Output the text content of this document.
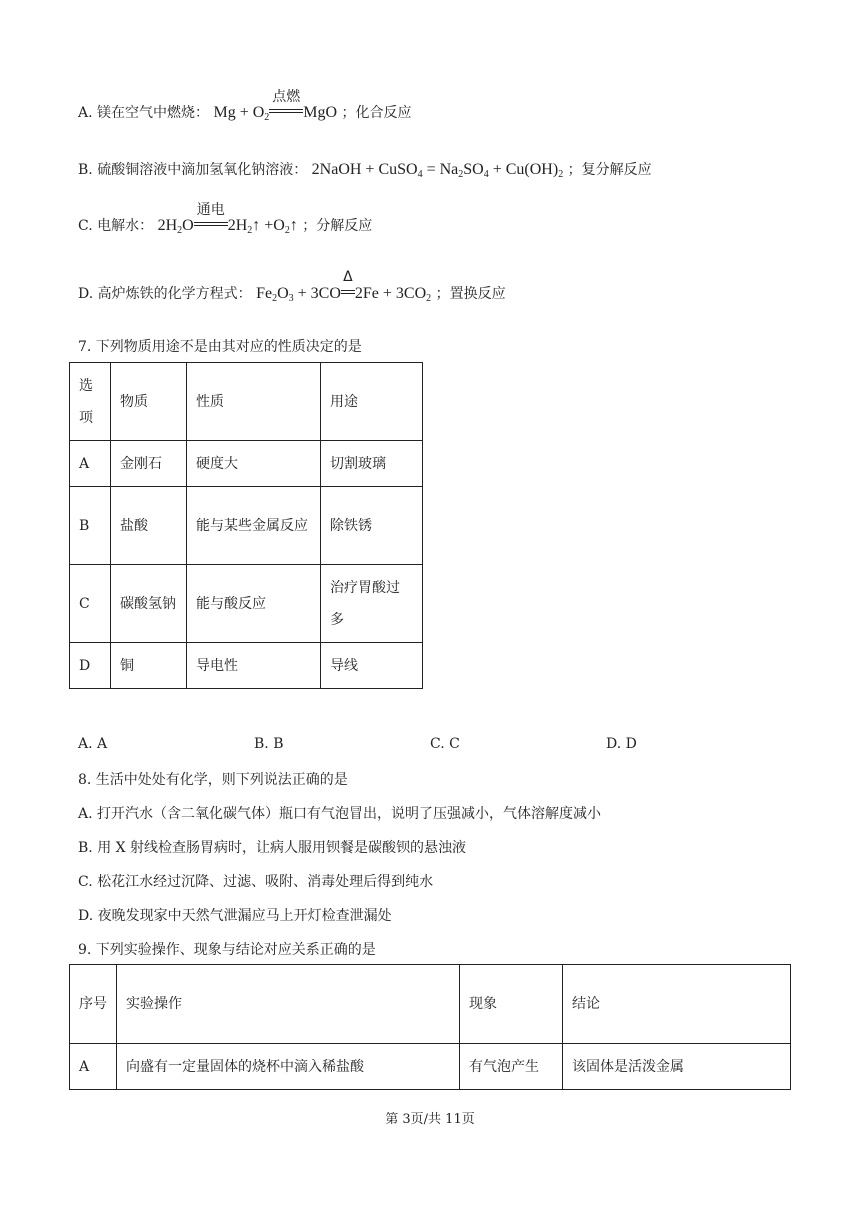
A. 镁在空气中燃烧： $Mg + O_2$
点燃
MgO ；化合反应
B. 硫酸铜溶液中滴加氢氧化钠溶液： 2NaOH + CuSO$_4$ = $Na_2SO_4 + Cu(OH)_2$ ；复分解反应
C. 电解水： $2H_2O$
通电
$2H_2↑$ $+O_2↑$ ；分解反应
D. 高炉炼铁的化学方程式： $Fe_2O_3 + 3CO$
Δ
$2Fe + 3CO_2$ ；置换反应
7. 下列物质用途不是由其对应的性质决定的是
选项	物质	性质	用途
A	金刚石	硬度大	切割玻璃
B	盐酸	能与某些金属反应	除铁锈
C	碳酸氢钠	能与酸反应	治疗胃酸过多
D	铜	导电性	导线
A. A	B. B	C. C	D. D
8. 生活中处处有化学，则下列说法正确的是
A. 打开汽水（含二氧化碳气体）瓶口有气泡冒出，说明了压强减小，气体溶解度减小
B. 用 X 射线检查肠胃病时，让病人服用钡餐是碳酸钡的悬浊液
C. 松花江水经过沉降、过滤、吸附、消毒处理后得到纯水
D. 夜晚发现家中天然气泄漏应马上开灯检查泄漏处
9. 下列实验操作、现象与结论对应关系正确的是
序号	实验操作	现象	结论
A	向盛有一定量固体的烧杯中滴入稀盐酸	有气泡产生	该固体是活泼金属
第 3页/共 11页
